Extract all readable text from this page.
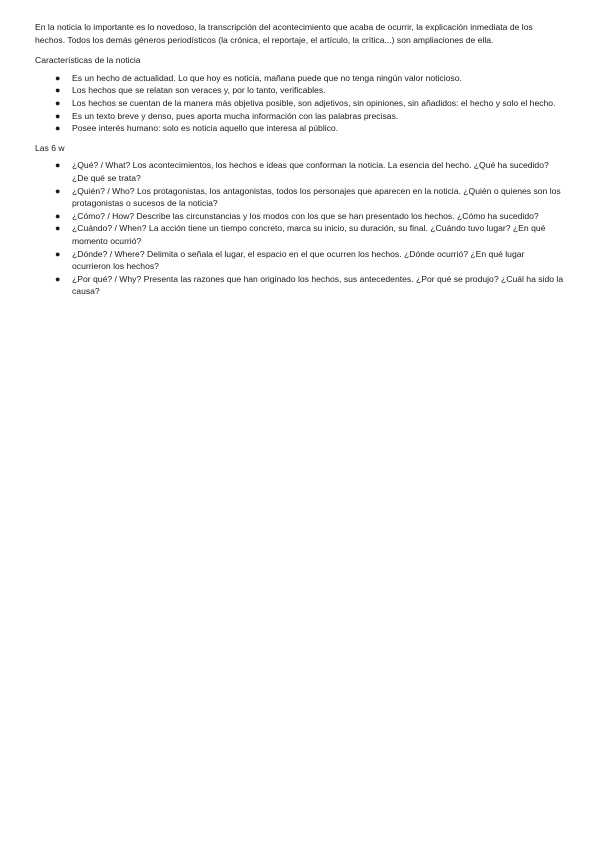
En la noticia lo importante es lo novedoso, la transcripción del acontecimiento que acaba de ocurrir, la explicación inmediata de los hechos. Todos los demás géneros periodísticos (la crónica, el reportaje, el artículo, la crítica...) son ampliaciones de ella.

Características de la noticia

● Es un hecho de actualidad. Lo que hoy es noticia, mañana puede que no tenga ningún valor noticioso.
● Los hechos que se relatan son veraces y, por lo tanto, verificables.
● Los hechos se cuentan de la manera más objetiva posible, son adjetivos, sin opiniones, sin añadidos: el hecho y solo el hecho.
● Es un texto breve y denso, pues aporta mucha información con las palabras precisas.
● Posee interés humano: solo es noticia aquello que interesa al público.

Las 6 w

● ¿Qué? / What? Los acontecimientos, los hechos e ideas que conforman la noticia. La esencia del hecho. ¿Qué ha sucedido? ¿De qué se trata?
● ¿Quién? / Who? Los protagonistas, los antagonistas, todos los personajes que aparecen en la noticia. ¿Quién o quienes son los protagonistas o sucesos de la noticia?
● ¿Cómo? / How? Describe las circunstancias y los modos con los que se han presentado los hechos. ¿Cómo ha sucedido?
● ¿Cuándo? / When? La acción tiene un tiempo concreto, marca su inicio, su duración, su final. ¿Cuándo tuvo lugar? ¿En qué momento ocurrió?
● ¿Dónde? / Where? Delimita o señala el lugar, el espacio en el que ocurren los hechos. ¿Dónde ocurrió? ¿En qué lugar ocurrieron los hechos?
● ¿Por qué? / Why? Presenta las razones que han originado los hechos, sus antecedentes. ¿Por qué se produjo? ¿Cuál ha sido la causa?
